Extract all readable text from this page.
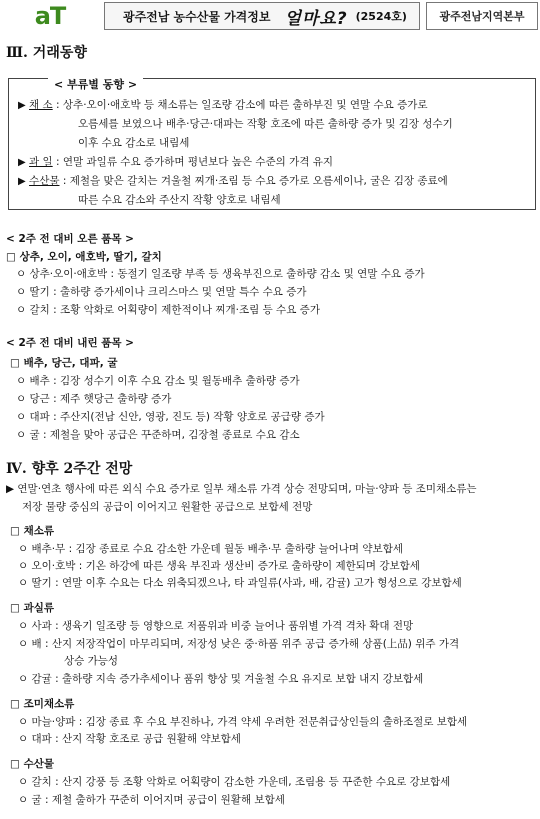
aT	광주전남 농수산물 가격정보 얼마요? (2524호)	광주전남지역본부
Ⅲ. 거래동향
< 부류별 동향 >
▶ 채 소 : 상추·오이·애호박 등 채소류는 일조량 감소에 따른 출하부진 및 연말 수요 증가로
오름세를 보였으나 배추·당근·대파는 작황 호조에 따른 출하량 증가 및 김장 성수기
이후 수요 감소로 내림세
▶ 과 일 : 연말 과일류 수요 증가하며 평년보다 높은 수준의 가격 유지
▶ 수산물 : 제철을 맞은 갈치는 겨울철 찌개·조림 등 수요 증가로 오름세이나, 굴은 김장 종료에
따른 수요 감소와 주산지 작황 양호로 내림세
< 2주 전 대비 오른 품목 >
□ 상추, 오이, 애호박, 딸기, 갈치
ㅇ 상추·오이·애호박 : 동절기 일조량 부족 등 생육부진으로 출하량 감소 및 연말 수요 증가
ㅇ 딸기 : 출하량 증가세이나 크리스마스 및 연말 특수 수요 증가
ㅇ 갈치 : 조황 악화로 어획량이 제한적이나 찌개·조림 등 수요 증가
< 2주 전 대비 내린 품목 >
□ 배추, 당근, 대파, 굴
ㅇ 배추 : 김장 성수기 이후 수요 감소 및 월동배추 출하량 증가
ㅇ 당근 : 제주 햇당근 출하량 증가
ㅇ 대파 : 주산지(전남 신안, 영광, 진도 등) 작황 양호로 공급량 증가
ㅇ 굴 : 제철을 맞아 공급은 꾸준하며, 김장철 종료로 수요 감소
Ⅳ. 향후 2주간 전망
▶ 연말·연초 행사에 따른 외식 수요 증가로 일부 채소류 가격 상승 전망되며, 마늘·양파 등 조미채소류는
저장 물량 중심의 공급이 이어지고 원활한 공급으로 보합세 전망
□ 채소류
ㅇ 배추·무 : 김장 종료로 수요 감소한 가운데 월동 배추·무 출하량 늘어나며 약보합세
ㅇ 오이·호박 : 기온 하강에 따른 생육 부진과 생산비 증가로 출하량이 제한되며 강보합세
ㅇ 딸기 : 연말 이후 수요는 다소 위축되겠으나, 타 과일류(사과, 배, 감귤) 고가 형성으로 강보합세
□ 과실류
ㅇ 사과 : 생육기 일조량 등 영향으로 저품위과 비중 늘어나 품위별 가격 격차 확대 전망
ㅇ 배 : 산지 저장작업이 마무리되며, 저장성 낮은 중·하품 위주 공급 증가해 상품(上品) 위주 가격
상승 가능성
ㅇ 감귤 : 출하량 지속 증가추세이나 품위 향상 및 겨울철 수요 유지로 보합 내지 강보합세
□ 조미채소류
ㅇ 마늘·양파 : 김장 종료 후 수요 부진하나, 가격 약세 우려한 전문취급상인들의 출하조절로 보합세
ㅇ 대파 : 산지 작황 호조로 공급 원활해 약보합세
□ 수산물
ㅇ 갈치 : 산지 강풍 등 조황 악화로 어획량이 감소한 가운데, 조림용 등 꾸준한 수요로 강보합세
ㅇ 굴 : 제철 출하가 꾸준히 이어지며 공급이 원활해 보합세
